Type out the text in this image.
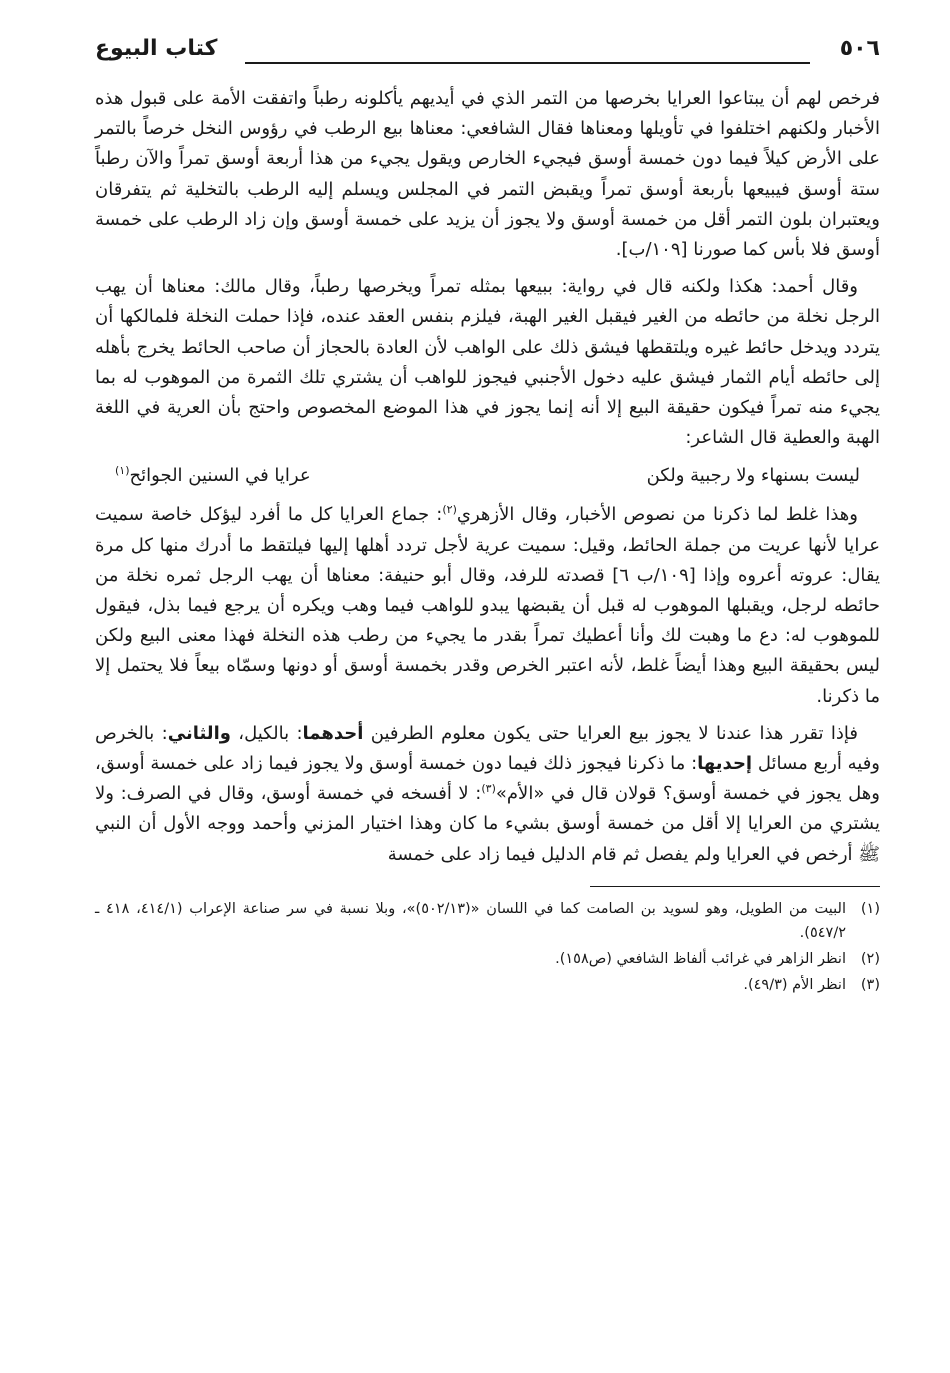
٥٠٦
كتاب البيوع

فرخص لهم أن يبتاعوا العرايا بخرصها من التمر الذي في أيديهم يأكلونه رطباً واتفقت الأمة على قبول هذه الأخبار ولكنهم اختلفوا في تأويلها ومعناها فقال الشافعي: معناها بيع الرطب في رؤوس النخل خرصاً بالتمر على الأرض كيلاً فيما دون خمسة أوسق فيجيء الخارص ويقول يجيء من هذا أربعة أوسق تمراً والآن رطباً ستة أوسق فيبيعها بأربعة أوسق تمراً ويقبض التمر في المجلس ويسلم إليه الرطب بالتخلية ثم يتفرقان ويعتبران بلون التمر أقل من خمسة أوسق ولا يجوز أن يزيد على خمسة أوسق وإن زاد الرطب على خمسة أوسق فلا بأس كما صورنا [١٠٩/ب].

وقال أحمد: هكذا ولكنه قال في رواية: ببيعها بمثله تمراً ويخرصها رطباً، وقال مالك: معناها أن يهب الرجل نخلة من حائطه من الغير فيقبل الغير الهبة، فيلزم بنفس العقد عنده، فإذا حملت النخلة فلمالكها أن يتردد ويدخل حائط غيره ويلتقطها فيشق ذلك على الواهب لأن العادة بالحجاز أن صاحب الحائط يخرج بأهله إلى حائطه أيام الثمار فيشق عليه دخول الأجنبي فيجوز للواهب أن يشتري تلك الثمرة من الموهوب له بما يجيء منه تمراً فيكون حقيقة البيع إلا أنه إنما يجوز في هذا الموضع المخصوص واحتج بأن العرية في اللغة الهبة والعطية قال الشاعر:

ليست بسنهاء ولا رجبية ولكن
عرايا في السنين الجوائح$^{(١)}$

وهذا غلط لما ذكرنا من نصوص الأخبار، وقال الأزهري$^{(٢)}$: جماع العرايا كل ما أفرد ليؤكل خاصة سميت عرايا لأنها عريت من جملة الحائط، وقيل: سميت عرية لأجل تردد أهلها إليها فيلتقط ما أدرك منها كل مرة يقال: عروته أعروه وإذا [١٠٩/ب ٦] قصدته للرفد، وقال أبو حنيفة: معناها أن يهب الرجل ثمره نخلة من حائطه لرجل، ويقبلها الموهوب له قبل أن يقبضها يبدو للواهب فيما وهب ويكره أن يرجع فيما بذل، فيقول للموهوب له: دع ما وهبت لك وأنا أعطيك تمراً بقدر ما يجيء من رطب هذه النخلة فهذا معنى البيع ولكن ليس بحقيقة البيع وهذا أيضاً غلط، لأنه اعتبر الخرص وقدر بخمسة أوسق أو دونها وسمّاه بيعاً فلا يحتمل إلا ما ذكرنا.

فإذا تقرر هذا عندنا لا يجوز بيع العرايا حتى يكون معلوم الطرفين أحدهما: بالكيل، والثاني: بالخرص وفيه أربع مسائل إحديها: ما ذكرنا فيجوز ذلك فيما دون خمسة أوسق ولا يجوز فيما زاد على خمسة أوسق، وهل يجوز في خمسة أوسق؟ قولان قال في «الأم»$^{(٣)}$: لا أفسخه في خمسة أوسق، وقال في الصرف: ولا يشتري من العرايا إلا أقل من خمسة أوسق بشيء ما كان وهذا اختيار المزني وأحمد ووجه الأول أن النبي ﷺ أرخص في العرايا ولم يفصل ثم قام الدليل فيما زاد على خمسة

(١)
البيت من الطويل، وهو لسويد بن الصامت كما في اللسان «(٥٠٢/١٣)»، وبلا نسبة في سر صناعة الإعراب (٤١٤/١، ٤١٨ ـ ٥٤٧/٢).
(٢)
انظر الزاهر في غرائب ألفاظ الشافعي (ص١٥٨).
(٣)
انظر الأم (٤٩/٣).
